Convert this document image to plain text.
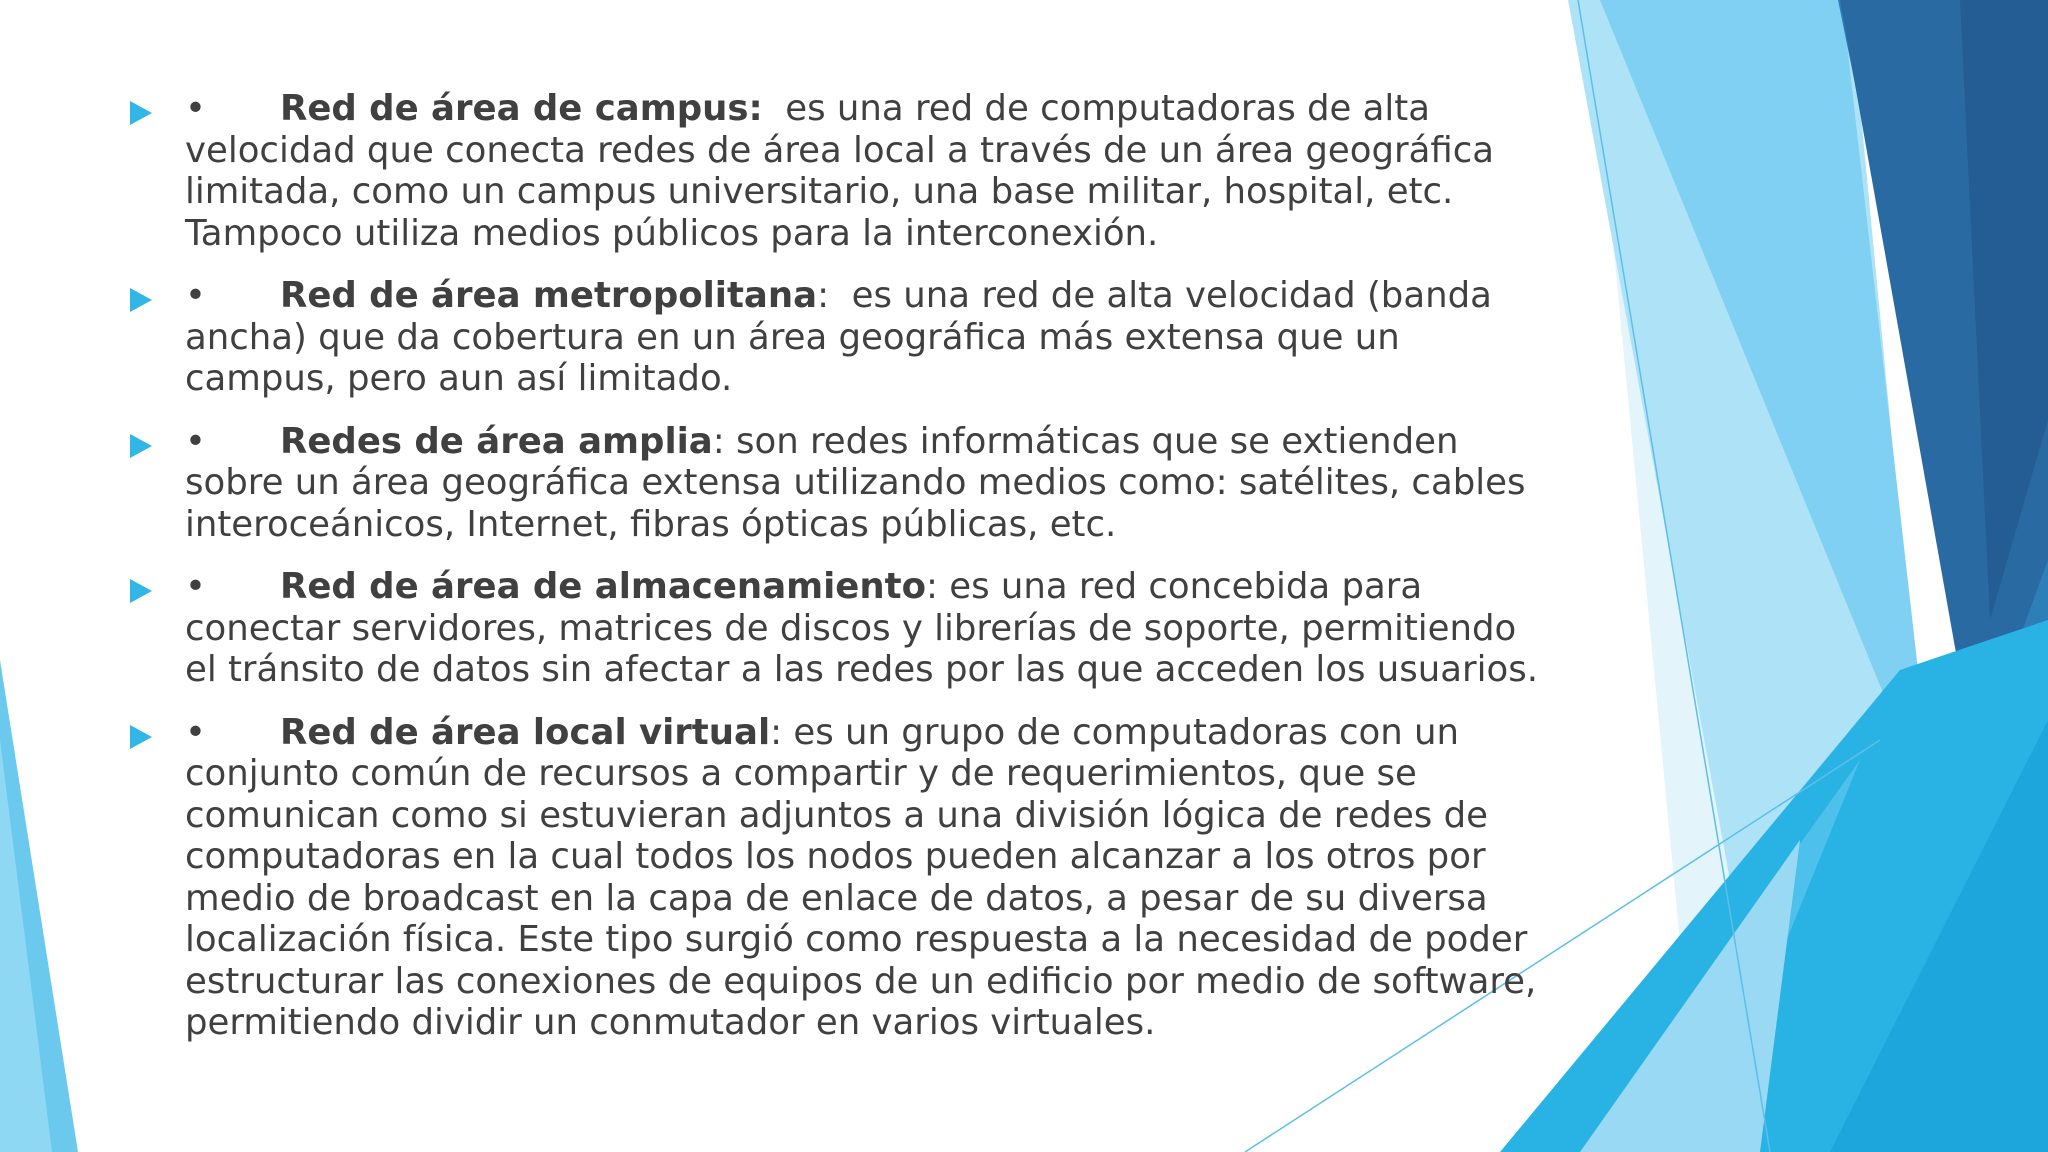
• Red de área de campus:  es una red de computadoras de alta velocidad que conecta redes de área local a través de un área geográfica limitada, como un campus universitario, una base militar, hospital, etc. Tampoco utiliza medios públicos para la interconexión.
• Red de área metropolitana:  es una red de alta velocidad (banda ancha) que da cobertura en un área geográfica más extensa que un campus, pero aun así limitado.
• Redes de área amplia: son redes informáticas que se extienden sobre un área geográfica extensa utilizando medios como: satélites, cables interoceánicos, Internet, fibras ópticas públicas, etc.
• Red de área de almacenamiento: es una red concebida para conectar servidores, matrices de discos y librerías de soporte, permitiendo el tránsito de datos sin afectar a las redes por las que acceden los usuarios.
• Red de área local virtual: es un grupo de computadoras con un conjunto común de recursos a compartir y de requerimientos, que se comunican como si estuvieran adjuntos a una división lógica de redes de computadoras en la cual todos los nodos pueden alcanzar a los otros por medio de broadcast en la capa de enlace de datos, a pesar de su diversa localización física. Este tipo surgió como respuesta a la necesidad de poder estructurar las conexiones de equipos de un edificio por medio de software, permitiendo dividir un conmutador en varios virtuales.
